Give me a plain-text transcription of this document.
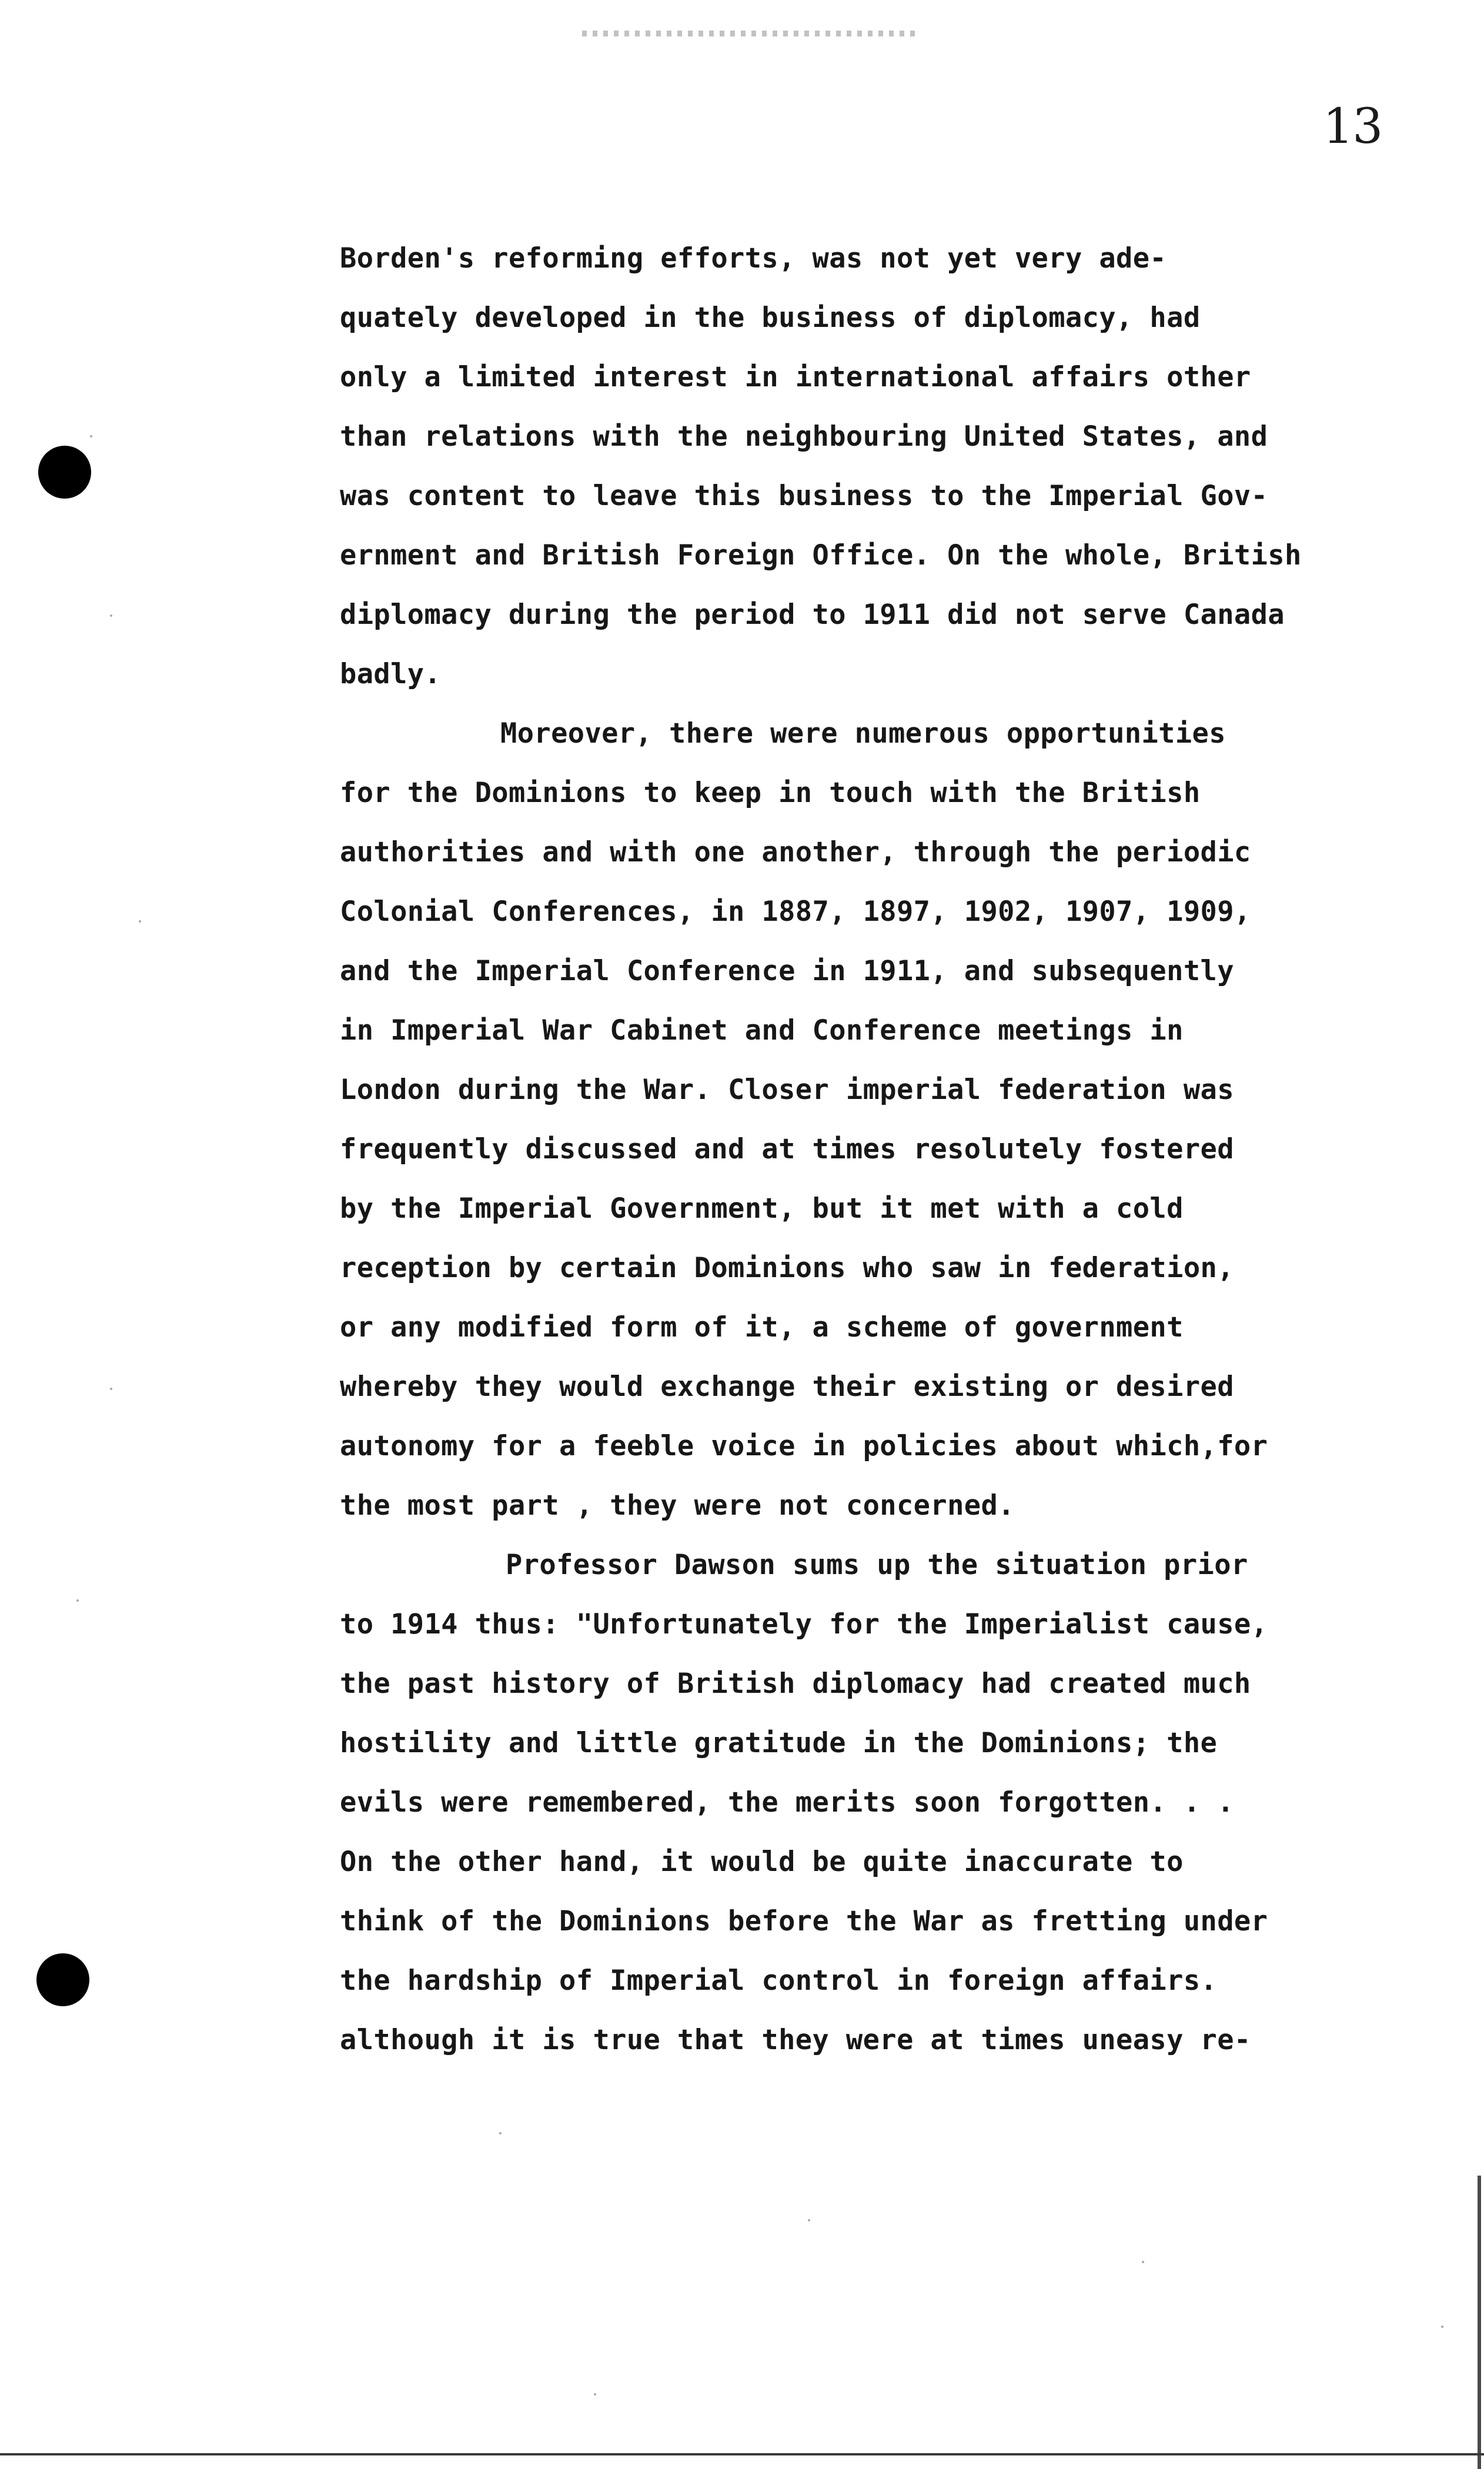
13
Borden's reforming efforts, was not yet very ade-
quately developed in the business of diplomacy, had
only a limited interest in international affairs other
than relations with the neighbouring United States, and
was content to leave this business to the Imperial Gov-
ernment and British Foreign Office. On the whole, British
diplomacy during the period to 1911 did not serve Canada
badly.
Moreover, there were numerous opportunities
for the Dominions to keep in touch with the British
authorities and with one another, through the periodic
Colonial Conferences, in 1887, 1897, 1902, 1907, 1909,
and the Imperial Conference in 1911, and subsequently
in Imperial War Cabinet and Conference meetings in
London during the War. Closer imperial federation was
frequently discussed and at times resolutely fostered
by the Imperial Government, but it met with a cold
reception by certain Dominions who saw in federation,
or any modified form of it, a scheme of government
whereby they would exchange their existing or desired
autonomy for a feeble voice in policies about which,for
the most part , they were not concerned.
Professor Dawson sums up the situation prior
to 1914 thus: "Unfortunately for the Imperialist cause,
the past history of British diplomacy had created much
hostility and little gratitude in the Dominions; the
evils were remembered, the merits soon forgotten. . .
On the other hand, it would be quite inaccurate to
think of the Dominions before the War as fretting under
the hardship of Imperial control in foreign affairs.
although it is true that they were at times uneasy re-
